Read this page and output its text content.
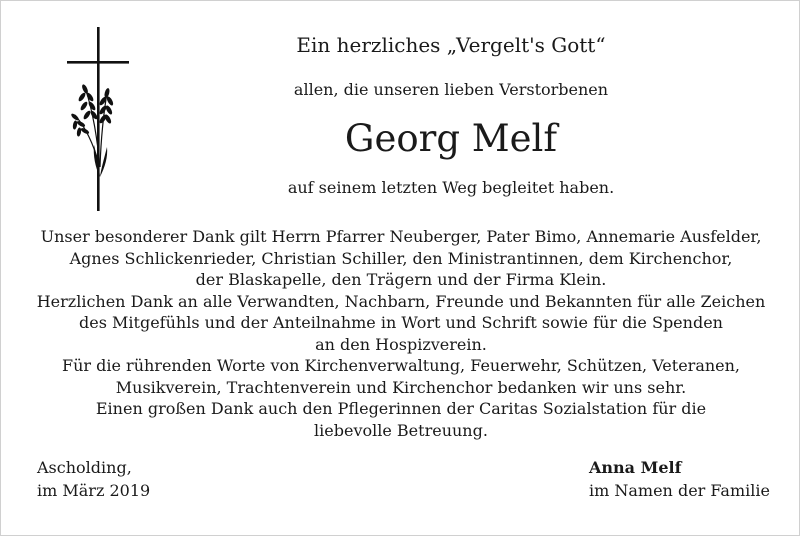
Ein herzliches „Vergelt's Gott“
allen, die unseren lieben Verstorbenen
Georg Melf
auf seinem letzten Weg begleitet haben.
Unser besonderer Dank gilt Herrn Pfarrer Neuberger, Pater Bimo, Annemarie Ausfelder,
Agnes Schlickenrieder, Christian Schiller, den Ministrantinnen, dem Kirchenchor,
der Blaskapelle, den Trägern und der Firma Klein.
Herzlichen Dank an alle Verwandten, Nachbarn, Freunde und Bekannten für alle Zeichen
des Mitgefühls und der Anteilnahme in Wort und Schrift sowie für die Spenden
an den Hospizverein.
Für die rührenden Worte von Kirchenverwaltung, Feuerwehr, Schützen, Veteranen,
Musikverein, Trachtenverein und Kirchenchor bedanken wir uns sehr.
Einen großen Dank auch den Pflegerinnen der Caritas Sozialstation für die
liebevolle Betreuung.
Ascholding,
im März 2019
Anna Melf
im Namen der Familie
